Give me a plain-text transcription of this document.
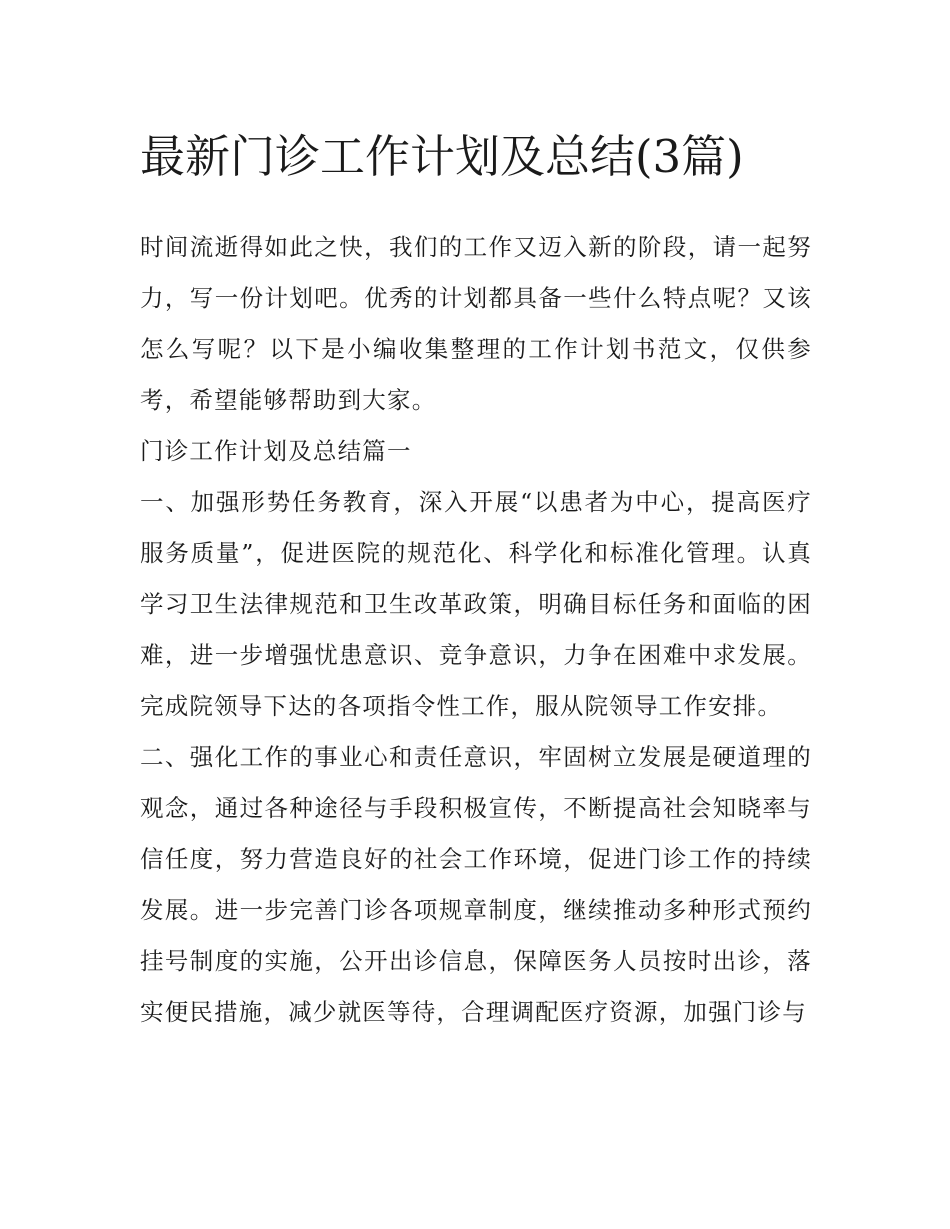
最新门诊工作计划及总结(3篇)

时间流逝得如此之快，我们的工作又迈入新的阶段，请一起努力，写一份计划吧。优秀的计划都具备一些什么特点呢？又该怎么写呢？以下是小编收集整理的工作计划书范文，仅供参考，希望能够帮助到大家。

门诊工作计划及总结篇一

一、加强形势任务教育，深入开展“以患者为中心，提高医疗服务质量”，促进医院的规范化、科学化和标准化管理。认真学习卫生法律规范和卫生改革政策，明确目标任务和面临的困难，进一步增强忧患意识、竞争意识，力争在困难中求发展。完成院领导下达的各项指令性工作，服从院领导工作安排。

二、强化工作的事业心和责任意识，牢固树立发展是硬道理的观念，通过各种途径与手段积极宣传，不断提高社会知晓率与信任度，努力营造良好的社会工作环境，促进门诊工作的持续发展。进一步完善门诊各项规章制度，继续推动多种形式预约挂号制度的实施，公开出诊信息，保障医务人员按时出诊，落实便民措施，减少就医等待，合理调配医疗资源，加强门诊与
